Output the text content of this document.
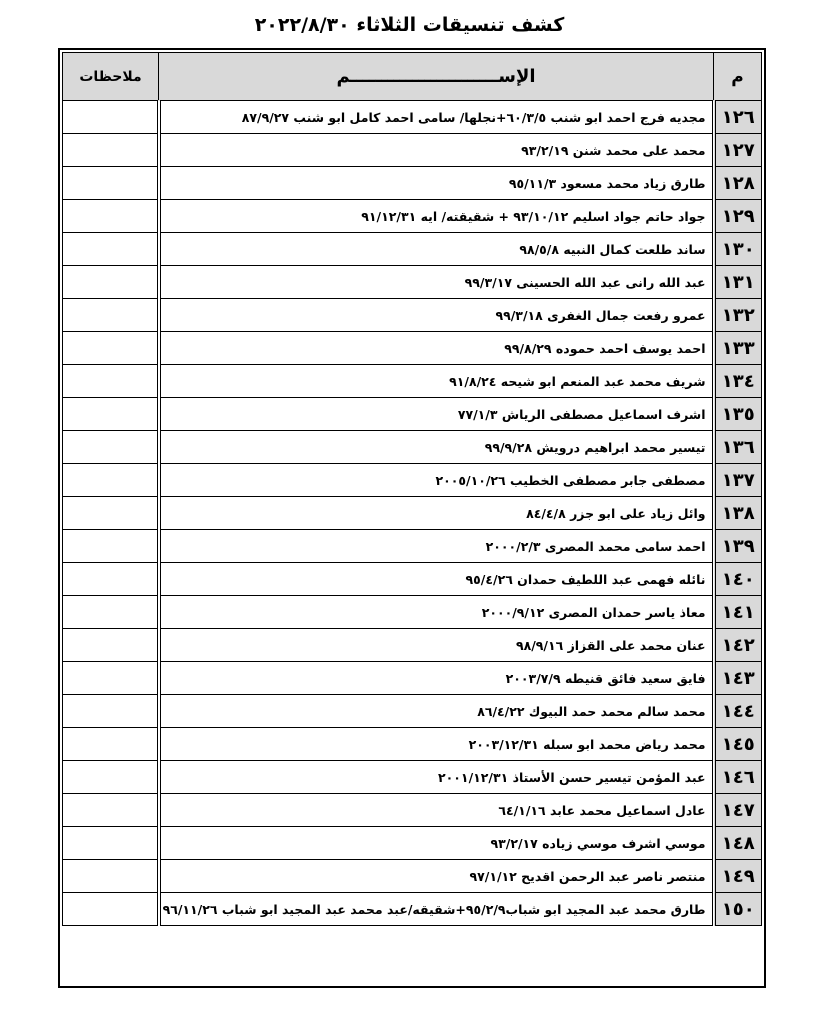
كشف تنسيقات الثلاثاء ٢٠٢٢/٨/٣٠
م	الإســــــــــــــــــــــــم	ملاحظات
١٢٦	مجديه فرج احمد ابو شنب ٦٠/٣/٥+نجلها/ سامى احمد كامل ابو شنب ٨٧/٩/٢٧	
١٢٧	محمد على محمد شنن ٩٣/٢/١٩	
١٢٨	طارق زياد محمد مسعود ٩٥/١١/٣	
١٢٩	جواد حاتم جواد اسليم ٩٣/١٠/١٢ + شقيقته/ ايه ٩١/١٢/٣١	
١٣٠	ساند طلعت كمال النبيه ٩٨/٥/٨	
١٣١	عبد الله رانى عبد الله الحسينى ٩٩/٣/١٧	
١٣٢	عمرو رفعت جمال الغفرى ٩٩/٣/١٨	
١٣٣	احمد يوسف احمد حموده ٩٩/٨/٢٩	
١٣٤	شريف محمد عبد المنعم ابو شيحه ٩١/٨/٢٤	
١٣٥	اشرف اسماعيل مصطفى الرياش ٧٧/١/٣	
١٣٦	تيسير محمد ابراهيم درويش ٩٩/٩/٢٨	
١٣٧	مصطفى جابر مصطفى الخطيب ٢٠٠٥/١٠/٢٦	
١٣٨	وائل زياد على ابو جزر ٨٤/٤/٨	
١٣٩	احمد سامى محمد المصرى ٢٠٠٠/٢/٣	
١٤٠	نائله فهمى عبد اللطيف حمدان ٩٥/٤/٢٦	
١٤١	معاذ ياسر حمدان المصرى ٢٠٠٠/٩/١٢	
١٤٢	عنان محمد على القزاز ٩٨/٩/١٦	
١٤٣	فايق سعيد فائق قنيطه ٢٠٠٣/٧/٩	
١٤٤	محمد سالم محمد حمد البيوك ٨٦/٤/٢٢	
١٤٥	محمد رياض محمد ابو سبله ٢٠٠٣/١٢/٣١	
١٤٦	عبد المؤمن تيسير حسن الأستاذ ٢٠٠١/١٢/٣١	
١٤٧	عادل اسماعيل محمد عابد ٦٤/١/١٦	
١٤٨	موسي اشرف موسي زياده ٩٣/٢/١٧	
١٤٩	منتصر ناصر عبد الرحمن اقديح ٩٧/١/١٢	
١٥٠	طارق محمد عبد المجيد ابو شباب٩٥/٢/٩+شقيقه/عبد محمد عبد المجيد ابو شباب ٩٦/١١/٢٦	
